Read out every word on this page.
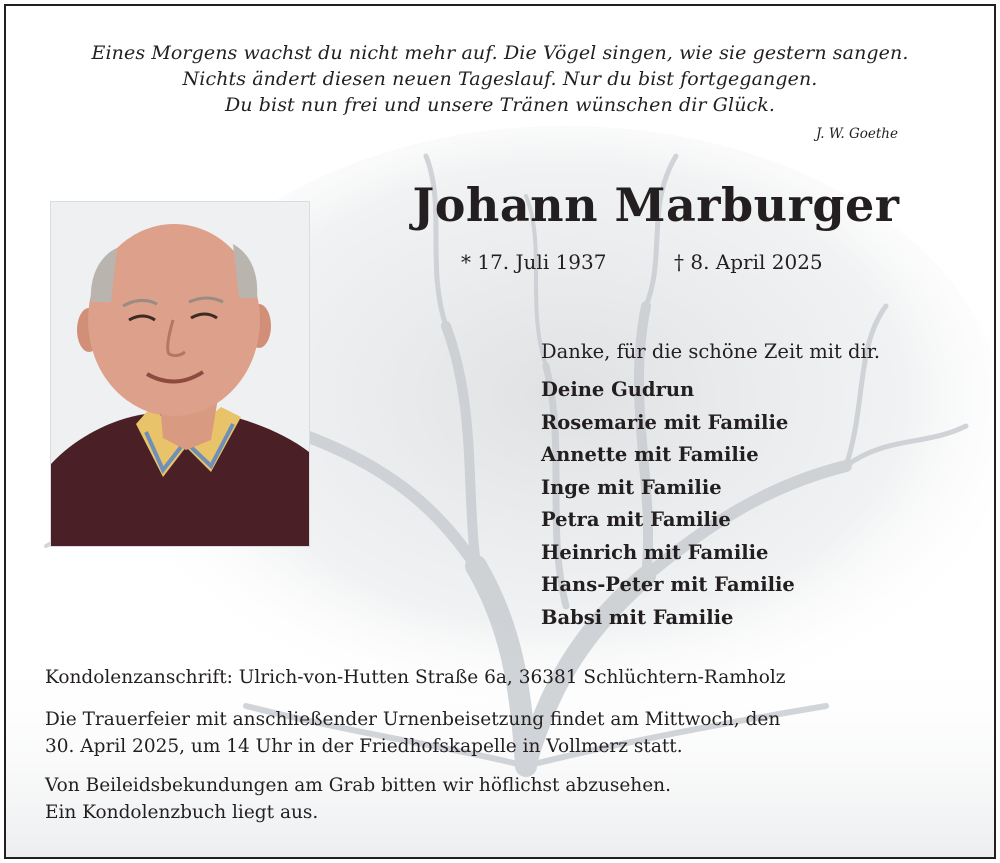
Eines Morgens wachst du nicht mehr auf. Die Vögel singen, wie sie gestern sangen.
Nichts ändert diesen neuen Tageslauf. Nur du bist fortgegangen.
Du bist nun frei und unsere Tränen wünschen dir Glück.
J. W. Goethe
Johann Marburger
* 17. Juli 1937	† 8. April 2025
Danke, für die schöne Zeit mit dir.
Deine Gudrun
Rosemarie mit Familie
Annette mit Familie
Inge mit Familie
Petra mit Familie
Heinrich mit Familie
Hans-Peter mit Familie
Babsi mit Familie
Kondolenzanschrift: Ulrich-von-Hutten Straße 6a, 36381 Schlüchtern-Ramholz
Die Trauerfeier mit anschließender Urnenbeisetzung findet am Mittwoch, den
30. April 2025, um 14 Uhr in der Friedhofskapelle in Vollmerz statt.
Von Beileidsbekundungen am Grab bitten wir höflichst abzusehen.
Ein Kondolenzbuch liegt aus.
